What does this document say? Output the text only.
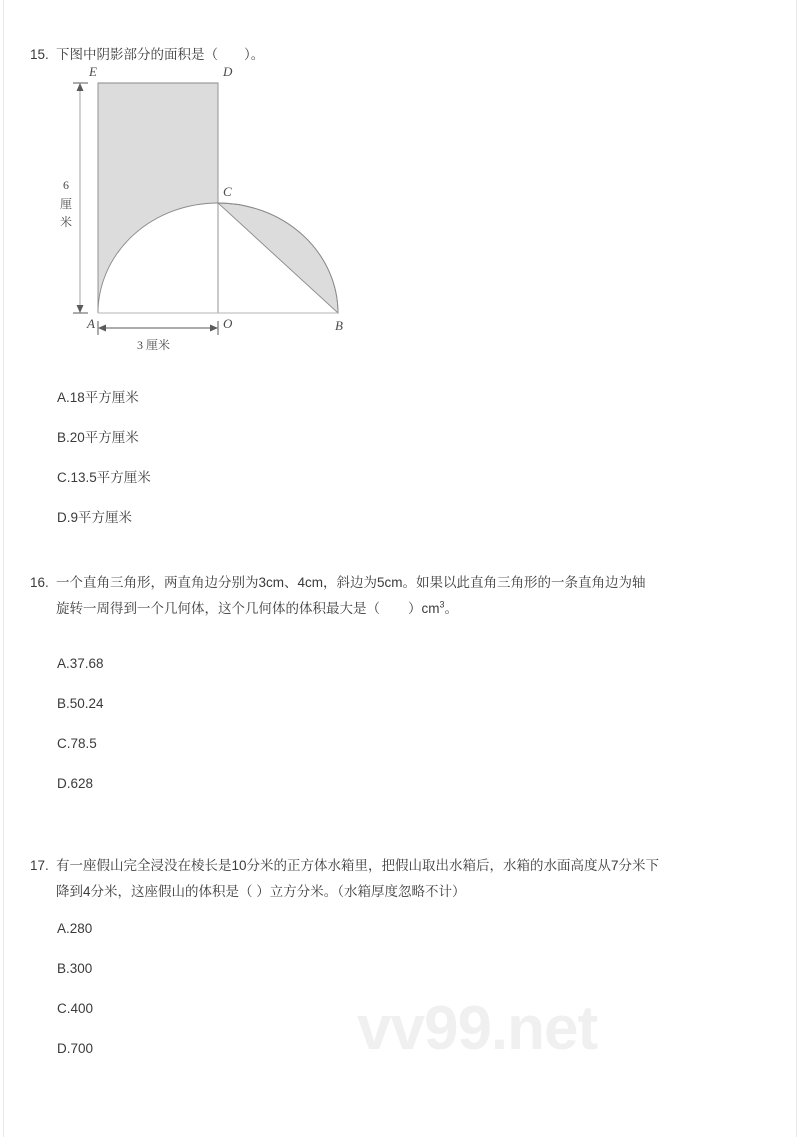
15. 下图中阴影部分的面积是（ ）。
6
厘
米
3 厘米
E	D
C
A	O	B
A.18平方厘米
B.20平方厘米
C.13.5平方厘米
D.9平方厘米
16. 一个直角三角形，两直角边分别为3cm、4cm，斜边为5cm。如果以此直角三角形的一条直角边为轴
旋转一周得到一个几何体，这个几何体的体积最大是（ ）$cm^3$。
A.37.68
B.50.24
C.78.5
D.628
17. 有一座假山完全浸没在棱长是10分米的正方体水箱里，把假山取出水箱后，水箱的水面高度从7分米下
降到4分米，这座假山的体积是（ ）立方分米。（水箱厚度忽略不计）
A.280
B.300
C.400
D.700	vv99.net
